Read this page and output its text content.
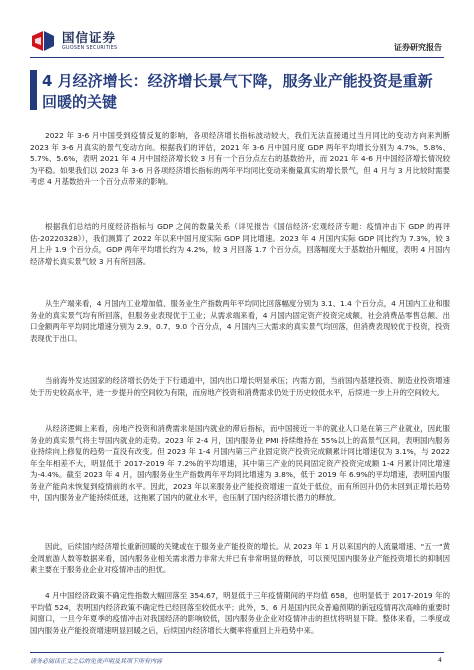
国信证券
GUOSEN SECURITIES	证券研究报告
4 月经济增长：经济增长景气下降，服务业产能投资是重新回暖的关键

2022 年 3-6 月中国受到疫情反复的影响，各项经济增长指标波动较大，我们无法直接通过当月同比的变动方向来判断 2023 年 3-6 月真实的景气变动方向。根据我们的评估，2021 年 3-6 月中国月度 GDP 两年平均增长分别为 4.7%、5.8%、5.7%、5.6%，表明 2021 年 4 月中国经济增长较 3 月有一个百分点左右的基数抬升，而 2021 年 4-6 月中国经济增长情况较为平稳。如果我们以 2023 年 3-6 月各项经济增长指标的两年平均同比变动来衡量真实的增长景气，但 4 月与 3 月比较时需要考虑 4 月基数抬升一个百分点带来的影响。

根据我们总结的月度经济指标与 GDP 之间的数量关系（详见报告《国信经济-宏观经济专题：疫情冲击下 GDP 的再评估-20220328》），我们测算了 2022 年以来中国月度实际 GDP 同比增速。2023 年 4 月国内实际 GDP 同比约为 7.3%，较 3 月上升 1.9 个百分点，GDP 两年平均增长约为 4.2%，较 3 月回落 1.7 个百分点，回落幅度大于基数抬升幅度，表明 4 月国内经济增长真实景气较 3 月有所回落。

从生产端来看，4 月国内工业增加值、服务业生产指数两年平均同比回落幅度分别为 3.1、1.4 个百分点，4 月国内工业和服务业的真实景气均有所回落，但服务业表现优于工业；从需求端来看，4 月国内固定资产投资完成额、社会消费品零售总额、出口金额两年平均同比增速分别为 2.9、0.7、9.0 个百分点，4 月国内三大需求的真实景气均回落，但消费表现较优于投资，投资表现优于出口。

当前海外发达国家的经济增长仍处于下行通道中，国内出口增长明显承压；内需方面，当前国内基建投资、制造业投资增速处于历史较高水平，进一步提升的空间较为有限，而房地产投资和消费需求仍处于历史较低水平，后续进一步上升的空间较大。

从经济逻辑上来看，房地产投资和消费需求是国内就业的滞后指标，而中国接近一半的就业人口是在第三产业就业，因此服务业的真实景气将主导国内就业的走势。2023 年 2-4 月，国内服务业 PMI 持续维持在 55%以上的高景气区间，表明国内服务业持续向上修复的趋势一直没有改变。但 2023 年 1-4 月国内第三产业固定资产投资完成额累计同比增速仅为 3.1%，与 2022 年全年相差不大，明显低于 2017-2019 年 7.2%的平均增速，其中第三产业的民间固定资产投资完成额 1-4 月累计同比增速为-4.4%。截至 2023 年 4 月，国内服务业生产指数两年平均同比增速为 3.8%，低于 2019 年 6.9%的平均增速，表明国内服务业产能尚未恢复到疫情前的水平。因此，2023 年以来服务业产能投资增速一直处于低位，而有所回升仍仍未回到正增长趋势中，国内服务业产能持续低迷，这拖累了国内的就业水平，也压制了国内经济增长潜力的释放。

因此，后续国内经济增长重新回暖的关键或在于服务业产能投资的增长。从 2023 年 1 月以来国内的人流量增速、"五一"黄金周旅游人数等数据来看，国内服务业相关需求潜力非常大并已有非常明显的释放，可以预见国内服务业产能投资增长的抑制因素主要在于服务业企业对疫情冲击的担忧。

4 月中国经济政策不确定性指数大幅回落至 354.67，明显低于三年疫情期间的平均值 658，也明显低于 2017-2019 年的平均值 524，表明国内经济政策不确定性已经回落至较低水平；此外，5、6 月是国内民众普遍预期的新冠疫情再次高峰的重要时间窗口，一旦今年夏季的疫情冲击对我国经济的影响较低，国内服务业企业对疫情冲击的担忧将明显下降。整体来看，二季度或国内服务业产能投资增速明显回暖之后，后续国内经济增长大概率将重回上升趋势中来。

请务必阅读正文之后的免责声明及其项下所有内容	4
